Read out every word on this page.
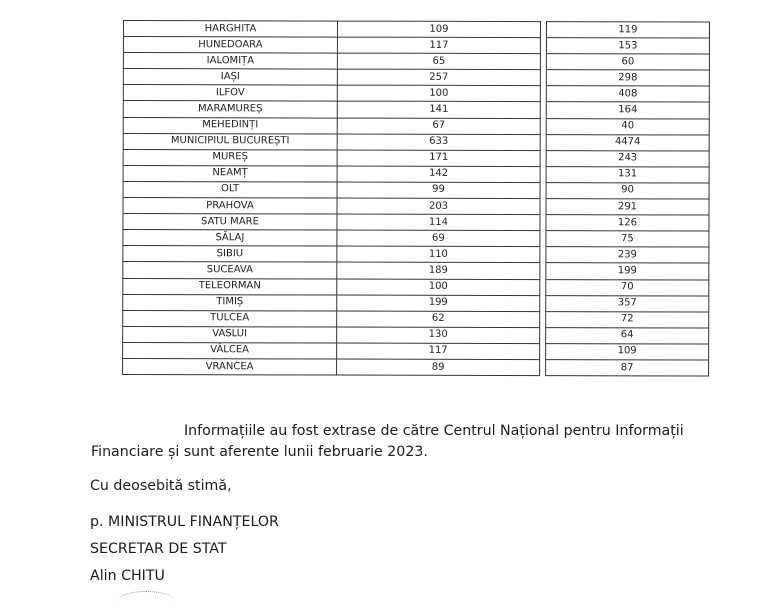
HARGHITA	109		119
HUNEDOARA	117		153
IALOMIȚA	65		60
IAȘI	257		298
ILFOV	100		408
MARAMUREȘ	141		164
MEHEDINȚI	67		40
MUNICIPIUL BUCUREȘTI	633		4474
MUREȘ	171		243
NEAMȚ	142		131
OLT	99		90
PRAHOVA	203		291
SATU MARE	114		126
SĂLAJ	69		75
SIBIU	110		239
SUCEAVA	189		199
TELEORMAN	100		70
TIMIȘ	199		357
TULCEA	62		72
VASLUI	130		64
VÂLCEA	117		109
VRANCEA	89		87
Informațiile au fost extrase de către Centrul Național pentru Informații
Financiare și sunt aferente lunii februarie 2023.
Cu deosebită stimă,
p. MINISTRUL FINANȚELOR
SECRETAR DE STAT
Alin CHITU
